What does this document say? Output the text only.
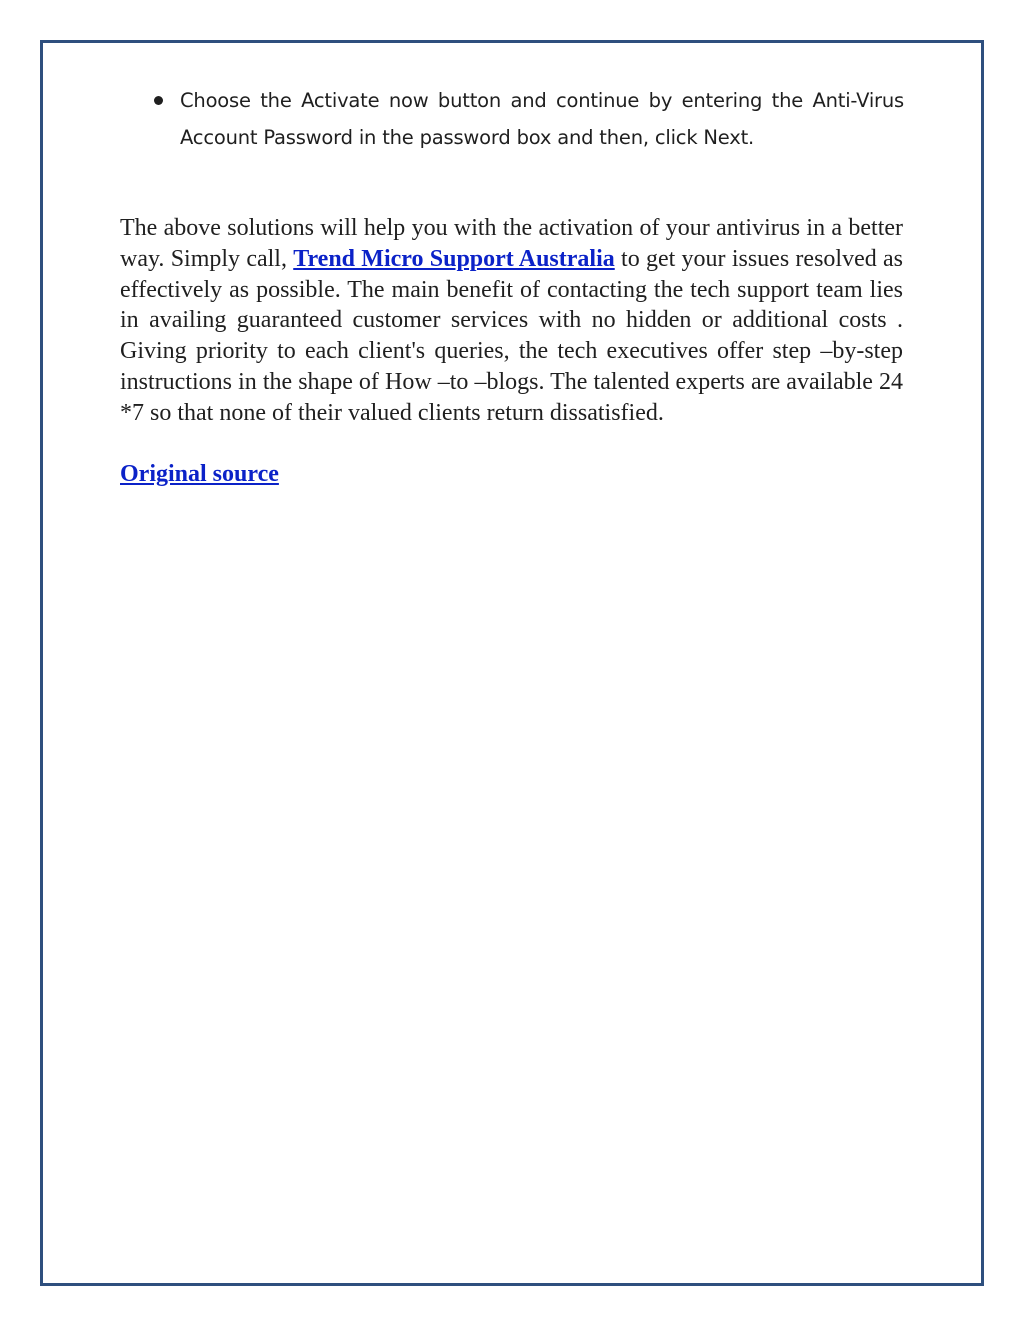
Choose the Activate now button and continue by entering the Anti-Virus Account Password in the password box and then, click Next.

The above solutions will help you with the activation of your antivirus in a better way. Simply call, Trend Micro Support Australia to get your issues resolved as effectively as possible. The main benefit of contacting the tech support team lies in availing guaranteed customer services with no hidden or additional costs . Giving priority to each client's queries, the tech executives offer step –by-step instructions in the shape of How –to –blogs. The talented experts are available 24 *7 so that none of their valued clients return dissatisfied.

Original source
